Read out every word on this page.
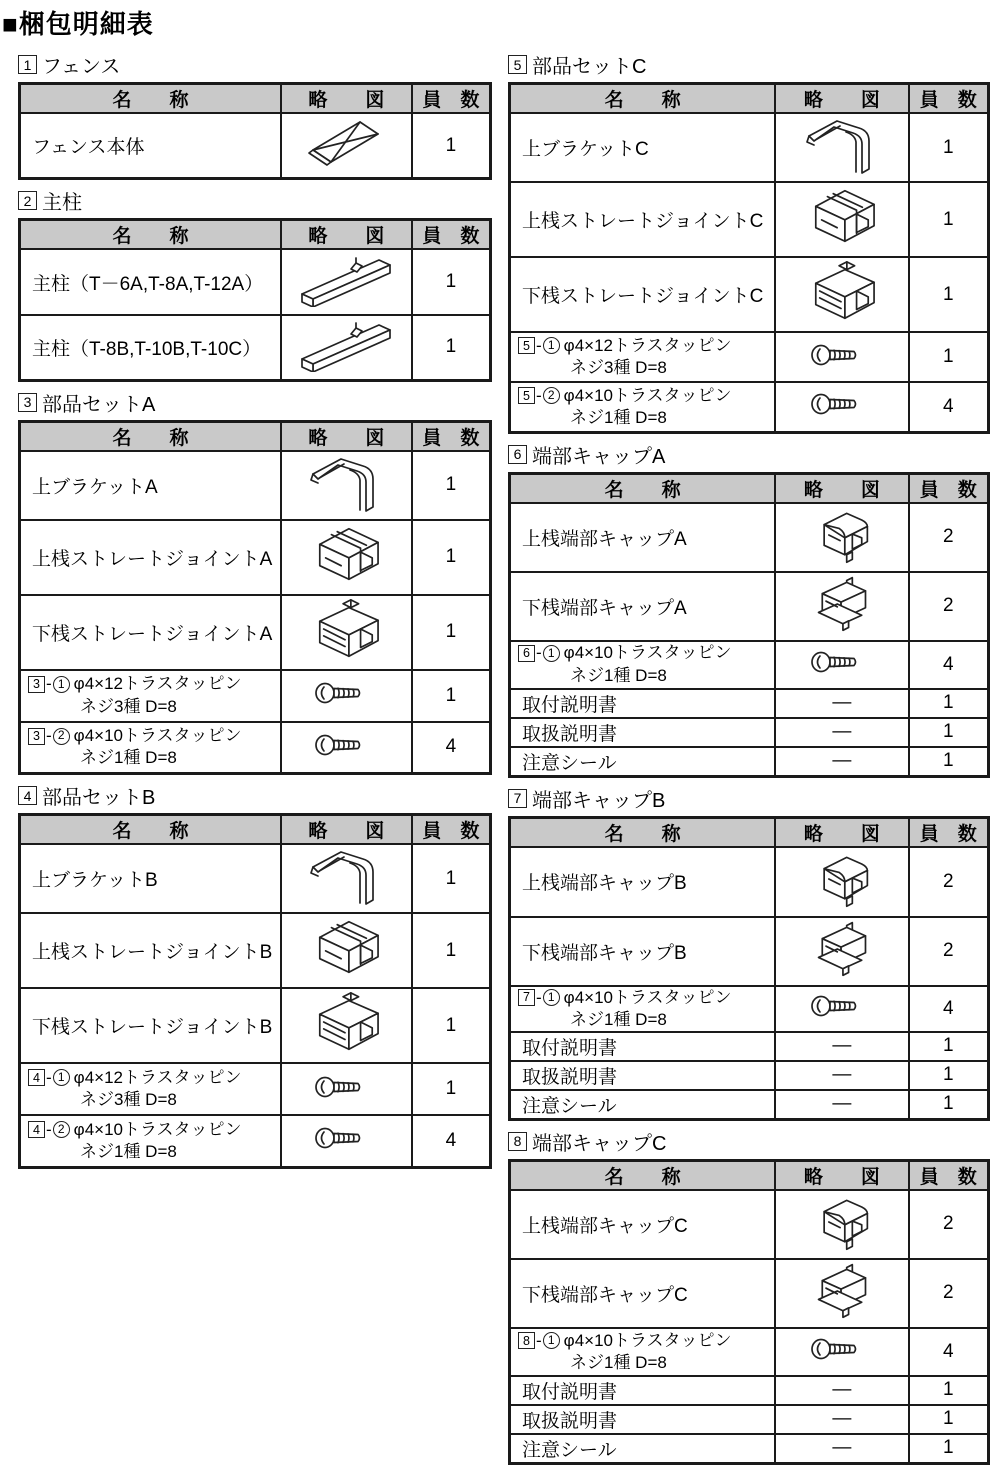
■梱包明細表
1 フェンス
名　　称	略　　図	員　数
フェンス本体		1
2 主柱
名　　称	略　　図	員　数
主柱（T－6A,T-8A,T-12A）		1
主柱（T-8B,T-10B,T-10C）		1
3 部品セットA
名　　称	略　　図	員　数
上ブラケットA		1
上桟ストレートジョイントA		1
下桟ストレートジョイントA		1

3 - 1 φ4×12トラスタッピン
ネジ3種 D=8		1

3 - 2 φ4×10トラスタッピン
ネジ1種 D=8		4
4 部品セットB
名　　称	略　　図	員　数
上ブラケットB		1
上桟ストレートジョイントB		1
下桟ストレートジョイントB		1

4 - 1 φ4×12トラスタッピン
ネジ3種 D=8		1

4 - 2 φ4×10トラスタッピン
ネジ1種 D=8		4
5 部品セットC
名　　称	略　　図	員　数
上ブラケットC		1
上桟ストレートジョイントC		1
下桟ストレートジョイントC		1

5 - 1 φ4×12トラスタッピン
ネジ3種 D=8		1

5 - 2 φ4×10トラスタッピン
ネジ1種 D=8		4
6 端部キャップA
名　　称	略　　図	員　数
上桟端部キャップA		2
下桟端部キャップA		2

6 - 1 φ4×10トラスタッピン
ネジ1種 D=8		4
取付説明書	―	1
取扱説明書	―	1
注意シール	―	1
7 端部キャップB
名　　称	略　　図	員　数
上桟端部キャップB		2
下桟端部キャップB		2

7 - 1 φ4×10トラスタッピン
ネジ1種 D=8		4
取付説明書	―	1
取扱説明書	―	1
注意シール	―	1
8 端部キャップC
名　　称	略　　図	員　数
上桟端部キャップC		2
下桟端部キャップC		2

8 - 1 φ4×10トラスタッピン
ネジ1種 D=8		4
取付説明書	―	1
取扱説明書	―	1
注意シール	―	1
